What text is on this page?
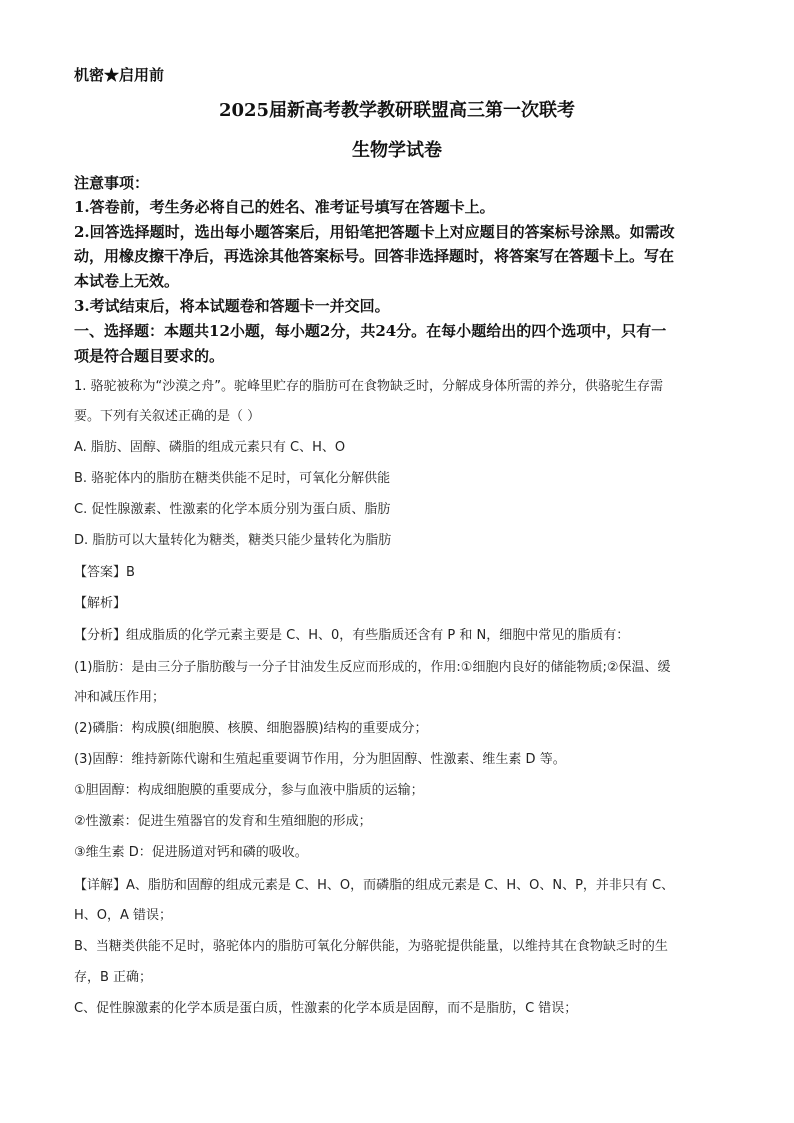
机密★启用前
2025届新高考教学教研联盟高三第一次联考
生物学试卷
注意事项：
1.答卷前，考生务必将自己的姓名、准考证号填写在答题卡上。
2.回答选择题时，选出每小题答案后，用铅笔把答题卡上对应题目的答案标号涂黑。如需改
动，用橡皮擦干净后，再选涂其他答案标号。回答非选择题时，将答案写在答题卡上。写在
本试卷上无效。
3.考试结束后，将本试题卷和答题卡一并交回。
一、选择题：本题共12小题，每小题2分，共24分。在每小题给出的四个选项中，只有一
项是符合题目要求的。
1. 骆驼被称为“沙漠之舟”。驼峰里贮存的脂肪可在食物缺乏时，分解成身体所需的养分，供骆驼生存需
要。下列有关叙述正确的是（ ）
A. 脂肪、固醇、磷脂的组成元素只有 C、H、O
B. 骆驼体内的脂肪在糖类供能不足时，可氧化分解供能
C. 促性腺激素、性激素的化学本质分别为蛋白质、脂肪
D. 脂肪可以大量转化为糖类，糖类只能少量转化为脂肪
【答案】B
【解析】
【分析】组成脂质的化学元素主要是 C、H、0，有些脂质还含有 P 和 N，细胞中常见的脂质有：
(1)脂肪：是由三分子脂肪酸与一分子甘油发生反应而形成的，作用:①细胞内良好的储能物质;②保温、缓
冲和减压作用；
(2)磷脂：构成膜(细胞膜、核膜、细胞器膜)结构的重要成分；
(3)固醇：维持新陈代谢和生殖起重要调节作用，分为胆固醇、性激素、维生素 D 等。
①胆固醇：构成细胞膜的重要成分，参与血液中脂质的运输；
②性激素：促进生殖器官的发育和生殖细胞的形成；
③维生素 D：促进肠道对钙和磷的吸收。
【详解】A、脂肪和固醇的组成元素是 C、H、O，而磷脂的组成元素是 C、H、O、N、P，并非只有 C、
H、O，A 错误；
B、当糖类供能不足时，骆驼体内的脂肪可氧化分解供能，为骆驼提供能量，以维持其在食物缺乏时的生
存，B 正确；
C、促性腺激素的化学本质是蛋白质，性激素的化学本质是固醇，而不是脂肪，C 错误；
